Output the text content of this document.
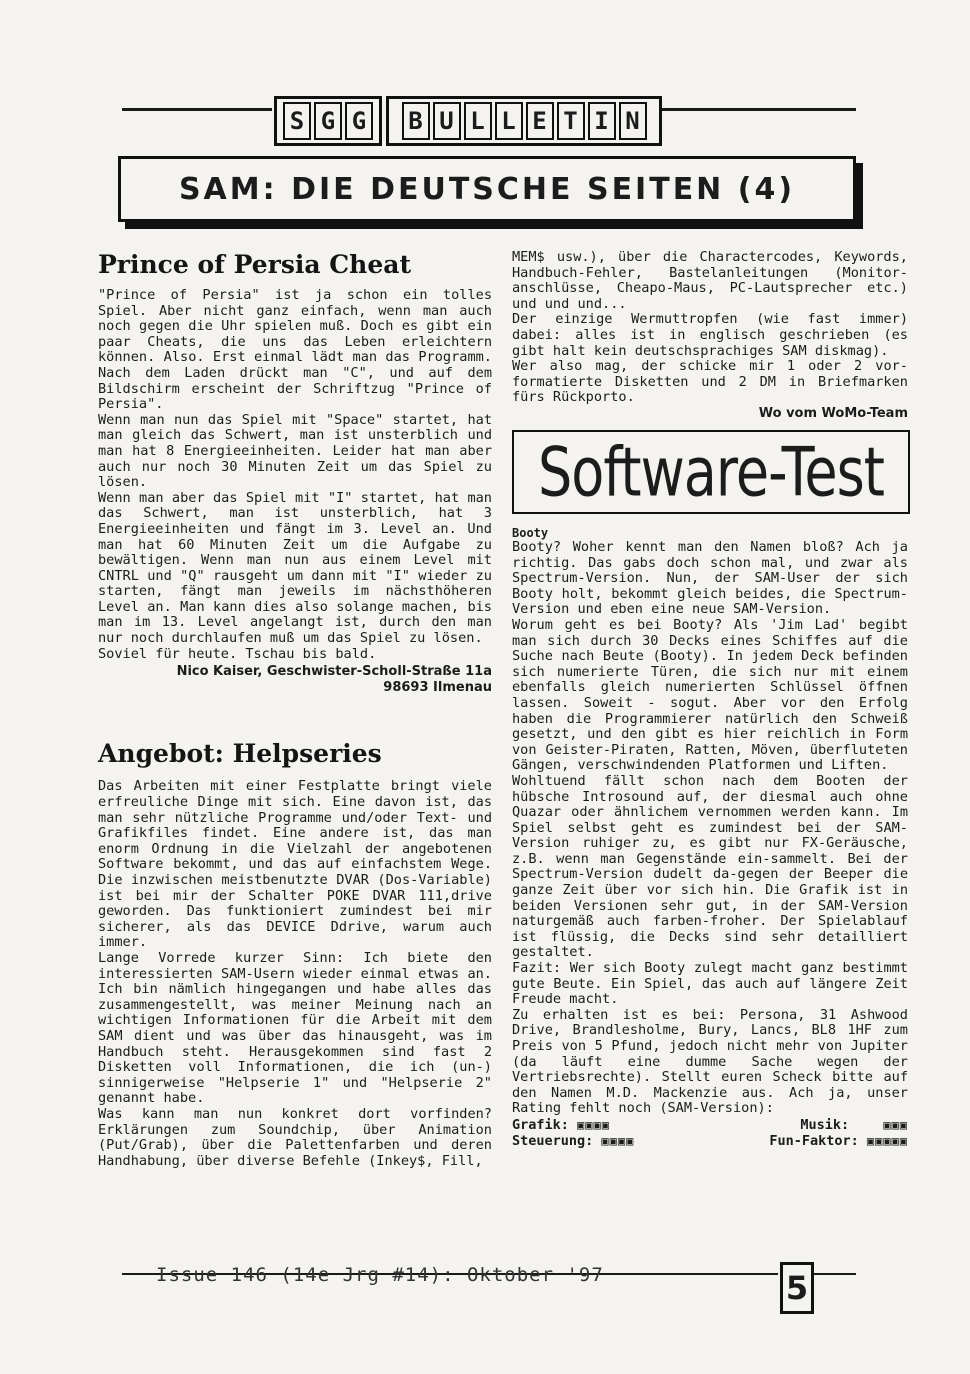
S G G B U L L E T I N
SAM: DIE DEUTSCHE SEITEN (4)
Prince of Persia Cheat

"Prince of Persia" ist ja schon ein tolles Spiel. Aber nicht ganz einfach, wenn man auch noch gegen die Uhr spielen muß. Doch es gibt ein paar Cheats, die uns das Leben erleichtern können. Also. Erst einmal lädt man das Programm. Nach dem Laden drückt man "C", und auf dem Bildschirm erscheint der Schriftzug "Prince of Persia".

Wenn man nun das Spiel mit "Space" startet, hat man gleich das Schwert, man ist unsterblich und man hat 8 Energieeinheiten. Leider hat man aber auch nur noch 30 Minuten Zeit um das Spiel zu lösen.

Wenn man aber das Spiel mit "I" startet, hat man das Schwert, man ist unsterblich, hat 3 Energieeinheiten und fängt im 3. Level an. Und man hat 60 Minuten Zeit um die Aufgabe zu bewältigen. Wenn man nun aus einem Level mit CNTRL und "Q" rausgeht um dann mit "I" wieder zu starten, fängt man jeweils im nächsthöheren Level an. Man kann dies also solange machen, bis man im 13. Level angelangt ist, durch den man nur noch durchlaufen muß um das Spiel zu lösen.

Soviel für heute. Tschau bis bald.

Nico Kaiser, Geschwister-Scholl-Straße 11a
98693 Ilmenau
Angebot: Helpseries

Das Arbeiten mit einer Festplatte bringt viele erfreuliche Dinge mit sich. Eine davon ist, das man sehr nützliche Programme und/oder Text- und Grafikfiles findet. Eine andere ist, das man enorm Ordnung in die Vielzahl der angebotenen Software bekommt, und das auf einfachstem Wege. Die inzwischen meistbenutzte DVAR (Dos-Variable) ist bei mir der Schalter POKE DVAR 111,drive geworden. Das funktioniert zumindest bei mir sicherer, als das DEVICE Ddrive, warum auch immer.

Lange Vorrede kurzer Sinn: Ich biete den interessierten SAM-Usern wieder einmal etwas an. Ich bin nämlich hingegangen und habe alles das zusammengestellt, was meiner Meinung nach an wichtigen Informationen für die Arbeit mit dem SAM dient und was über das hinausgeht, was im Handbuch steht. Herausgekommen sind fast 2 Disketten voll Informationen, die ich (un-) sinnigerweise "Helpserie 1" und "Helpserie 2" genannt habe.

Was kann man nun konkret dort vorfinden? Erklärungen zum Soundchip, über Animation (Put/Grab), über die Palettenfarben und deren Handhabung, über diverse Befehle (Inkey$, Fill,

MEM$ usw.), über die Charactercodes, Keywords, Handbuch-Fehler, Bastelanleitungen (Monitor-anschlüsse, Cheapo-Maus, PC-Lautsprecher etc.) und und und...

Der einzige Wermuttropfen (wie fast immer) dabei: alles ist in englisch geschrieben (es gibt halt kein deutschsprachiges SAM diskmag).

Wer also mag, der schicke mir 1 oder 2 vor-formatierte Disketten und 2 DM in Briefmarken fürs Rückporto.

Wo vom WoMo-Team
Software-Test
Booty

Booty? Woher kennt man den Namen bloß? Ach ja richtig. Das gabs doch schon mal, und zwar als Spectrum-Version. Nun, der SAM-User der sich Booty holt, bekommt gleich beides, die Spectrum-Version und eben eine neue SAM-Version.

Worum geht es bei Booty? Als 'Jim Lad' begibt man sich durch 30 Decks eines Schiffes auf die Suche nach Beute (Booty). In jedem Deck befinden sich numerierte Türen, die sich nur mit einem ebenfalls gleich numerierten Schlüssel öffnen lassen. Soweit - sogut. Aber vor den Erfolg haben die Programmierer natürlich den Schweiß gesetzt, und den gibt es hier reichlich in Form von Geister-Piraten, Ratten, Möven, überfluteten Gängen, verschwindenden Platformen und Liften.

Wohltuend fällt schon nach dem Booten der hübsche Introsound auf, der diesmal auch ohne Quazar oder ähnlichem vernommen werden kann. Im Spiel selbst geht es zumindest bei der SAM-Version ruhiger zu, es gibt nur FX-Geräusche, z.B. wenn man Gegenstände ein-sammelt. Bei der Spectrum-Version dudelt da-gegen der Beeper die ganze Zeit über vor sich hin. Die Grafik ist in beiden Versionen sehr gut, in der SAM-Version naturgemäß auch farben-froher. Der Spielablauf ist flüssig, die Decks sind sehr detailliert gestaltet.

Fazit: Wer sich Booty zulegt macht ganz bestimmt gute Beute. Ein Spiel, das auch auf längere Zeit Freude macht.

Zu erhalten ist es bei: Persona, 31 Ashwood Drive, Brandlesholme, Bury, Lancs, BL8 1HF zum Preis von 5 Pfund, jedoch nicht mehr von Jupiter (da läuft eine dumme Sache wegen der Vertriebsrechte). Stellt euren Scheck bitte auf den Namen M.D. Mackenzie aus. Ach ja, unser Rating fehlt noch (SAM-Version):

Grafik: ▣▣▣▣	Musik:	▣▣▣
Steuerung: ▣▣▣▣	Fun-Faktor: ▣▣▣▣▣
Issue 146 (14e Jrg #14): Oktober '97	5
